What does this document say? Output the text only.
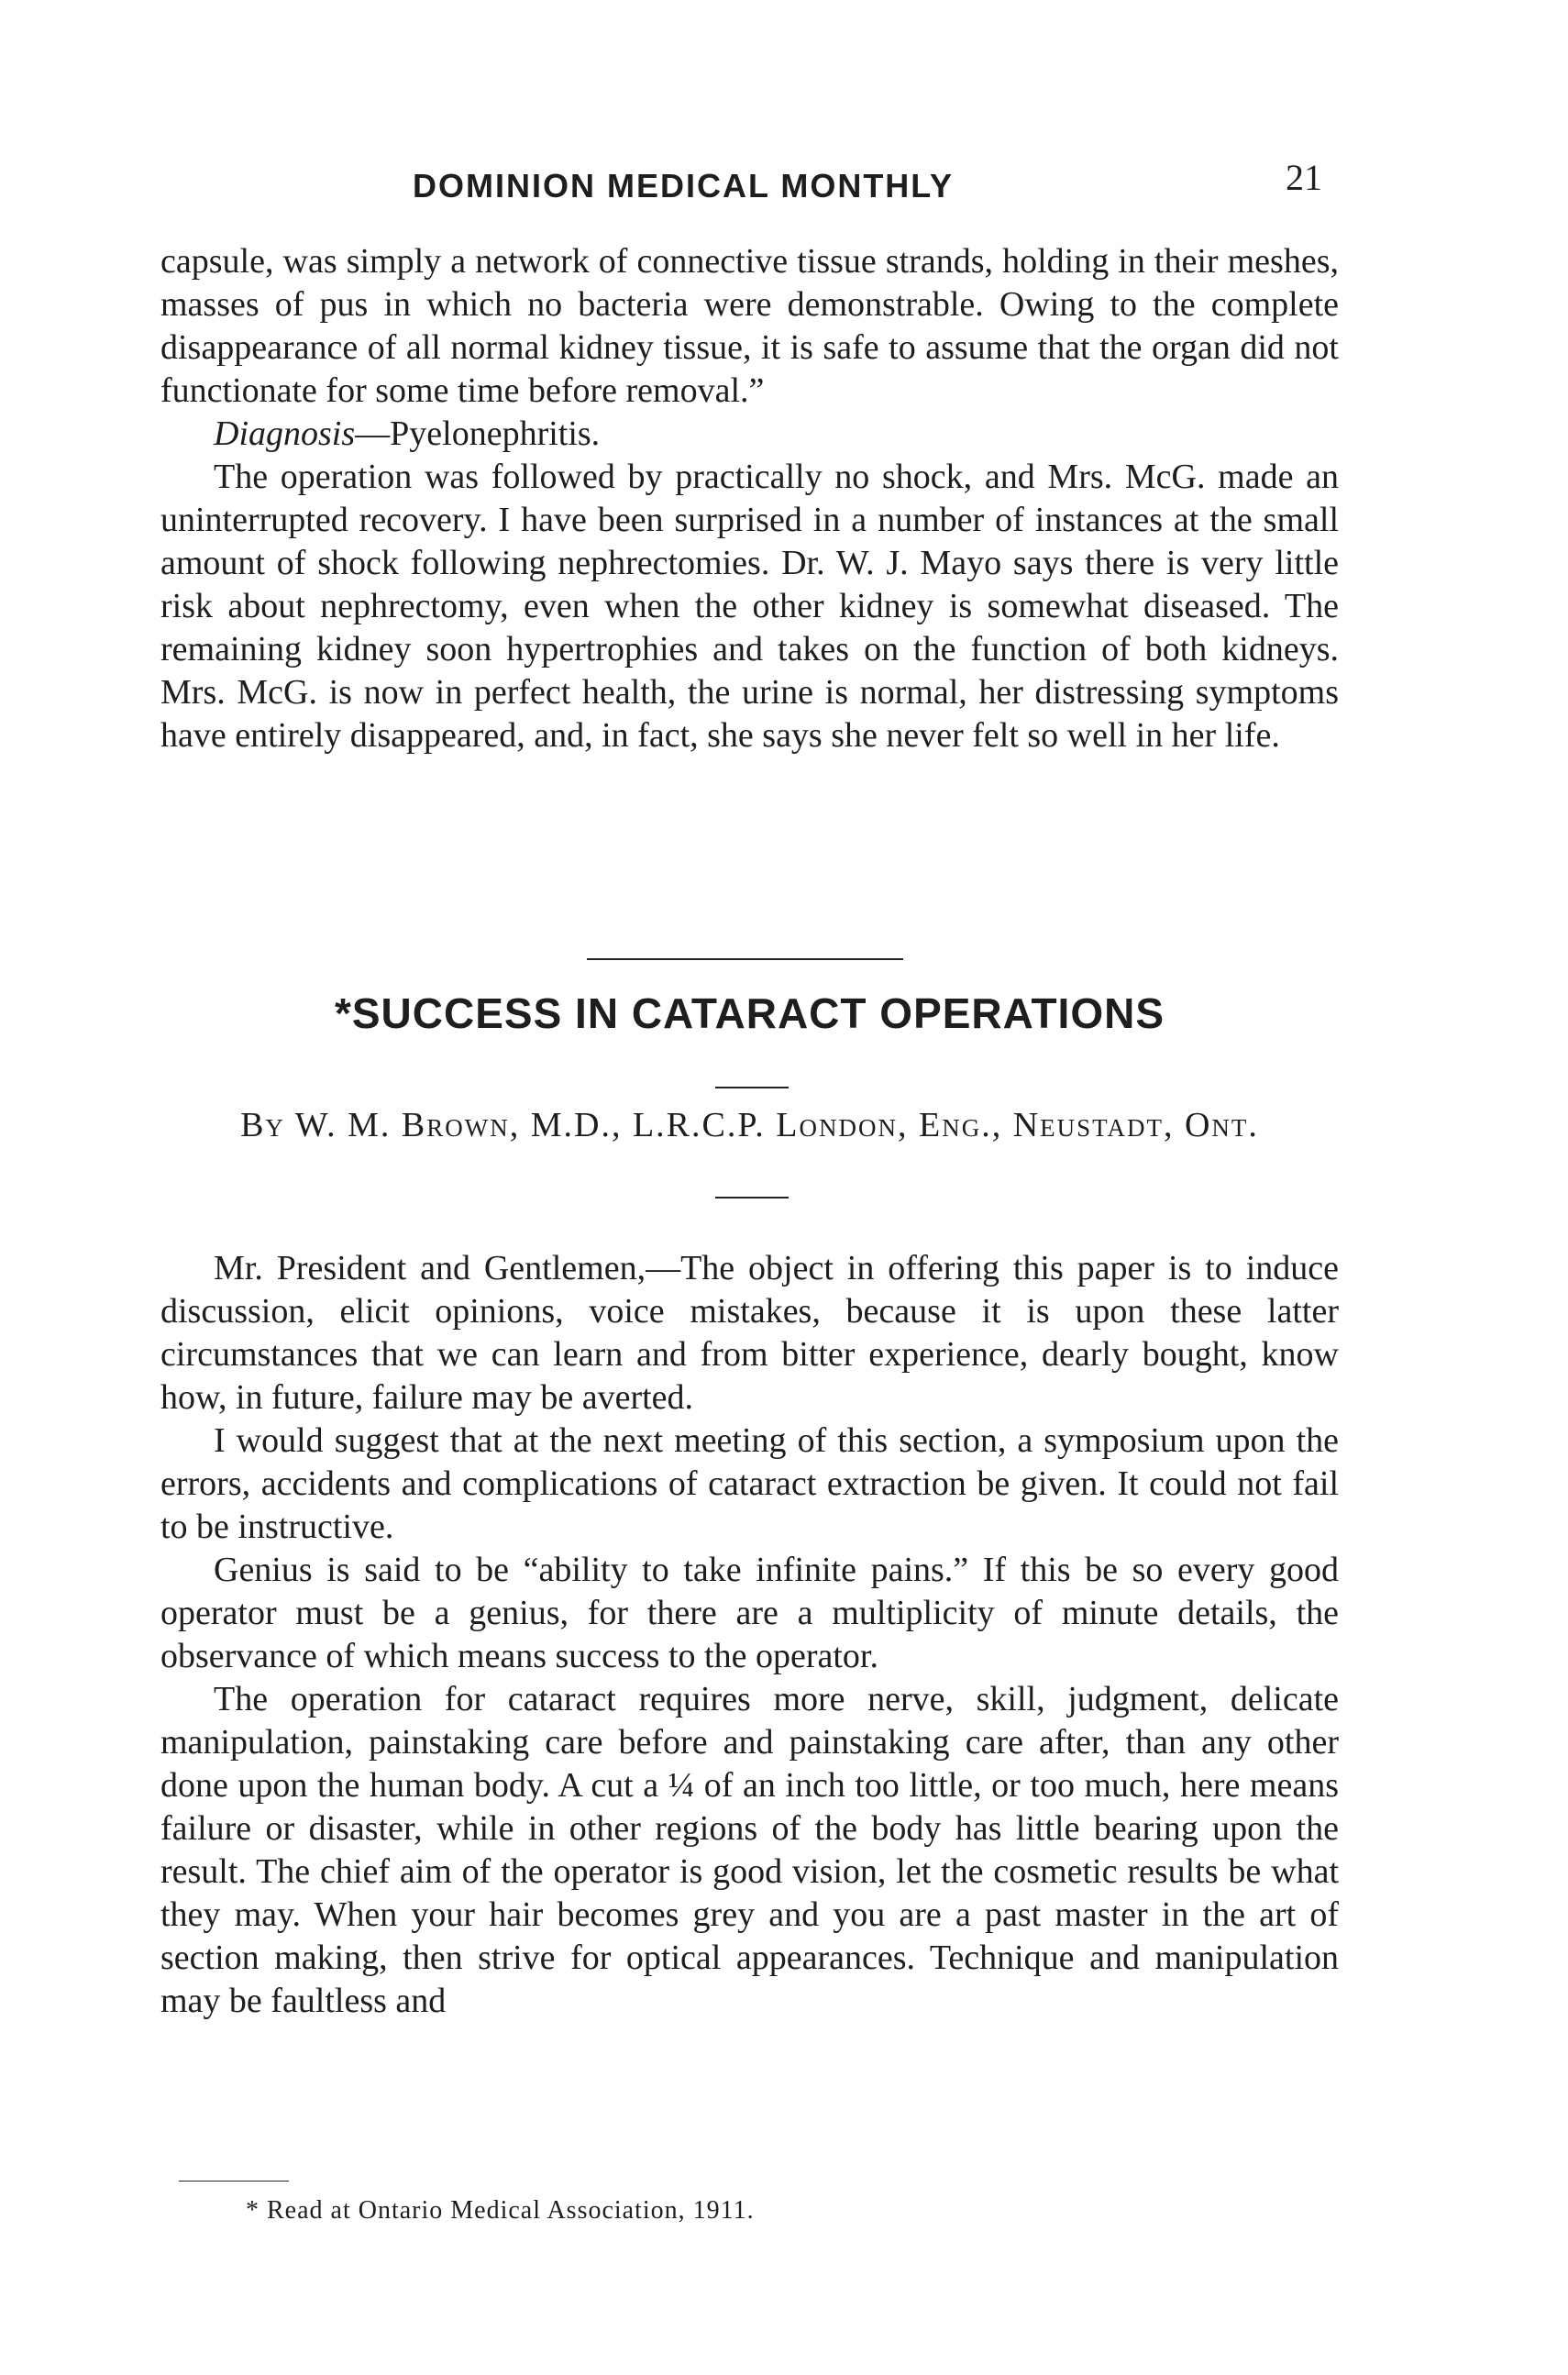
DOMINION MEDICAL MONTHLY	21

capsule, was simply a network of connective tissue strands, holding in their meshes, masses of pus in which no bacteria were demonstrable. Owing to the complete disappearance of all normal kidney tissue, it is safe to assume that the organ did not functionate for some time before removal.”

Diagnosis—Pyelonephritis.

The operation was followed by practically no shock, and Mrs. McG. made an uninterrupted recovery. I have been surprised in a number of instances at the small amount of shock following nephrectomies. Dr. W. J. Mayo says there is very little risk about nephrectomy, even when the other kidney is somewhat diseased. The remaining kidney soon hypertrophies and takes on the function of both kidneys. Mrs. McG. is now in perfect health, the urine is normal, her distressing symptoms have entirely disappeared, and, in fact, she says she never felt so well in her life.

*SUCCESS IN CATARACT OPERATIONS
By W. M. Brown, M.D., L.R.C.P. London, Eng., Neustadt, Ont.

Mr. President and Gentlemen,—The object in offering this paper is to induce discussion, elicit opinions, voice mistakes, because it is upon these latter circumstances that we can learn and from bitter experience, dearly bought, know how, in future, failure may be averted.

I would suggest that at the next meeting of this section, a symposium upon the errors, accidents and complications of cataract extraction be given. It could not fail to be instructive.

Genius is said to be “ability to take infinite pains.” If this be so every good operator must be a genius, for there are a multiplicity of minute details, the observance of which means success to the operator.

The operation for cataract requires more nerve, skill, judgment, delicate manipulation, painstaking care before and painstaking care after, than any other done upon the human body. A cut a ¼ of an inch too little, or too much, here means failure or disaster, while in other regions of the body has little bearing upon the result. The chief aim of the operator is good vision, let the cosmetic results be what they may. When your hair becomes grey and you are a past master in the art of section making, then strive for optical appearances. Technique and manipulation may be faultless and

* Read at Ontario Medical Association, 1911.
